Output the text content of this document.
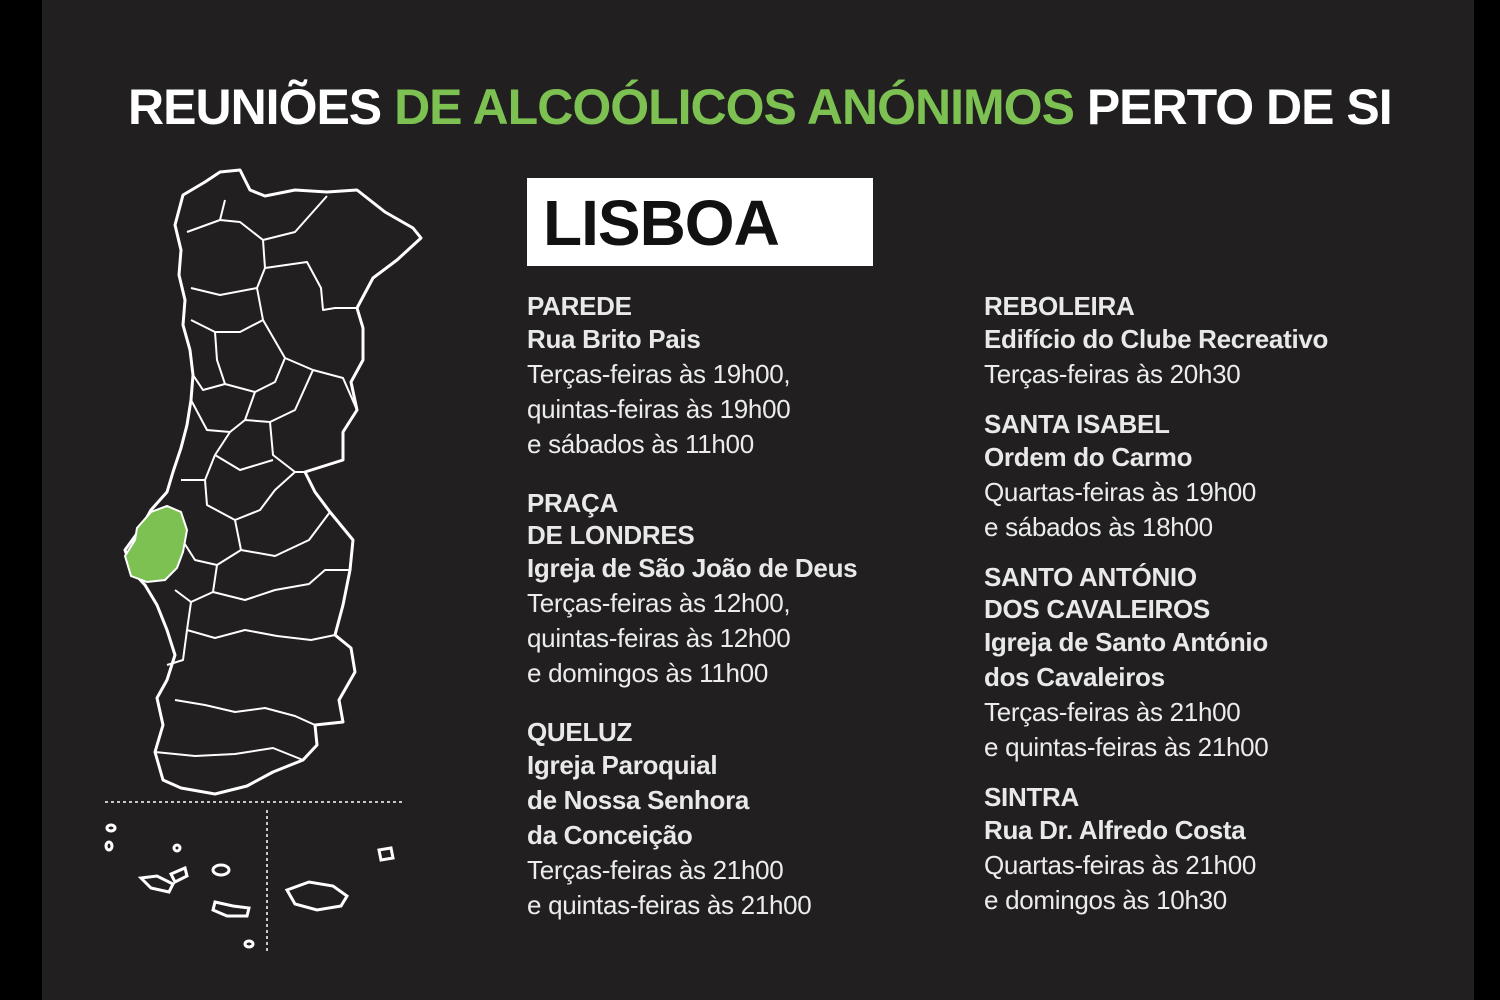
REUNIÕES DE ALCOÓLICOS ANÓNIMOS PERTO DE SI
LISBOA
PAREDE
Rua Brito Pais
Terças-feiras às 19h00,
quintas-feiras às 19h00
e sábados às 11h00
PRAÇA
DE LONDRES
Igreja de São João de Deus
Terças-feiras às 12h00,
quintas-feiras às 12h00
e domingos às 11h00
QUELUZ
Igreja Paroquial
de Nossa Senhora
da Conceição
Terças-feiras às 21h00
e quintas-feiras às 21h00
REBOLEIRA
Edifício do Clube Recreativo
Terças-feiras às 20h30
SANTA ISABEL
Ordem do Carmo
Quartas-feiras às 19h00
e sábados às 18h00
SANTO ANTÓNIO
DOS CAVALEIROS
Igreja de Santo António
dos Cavaleiros
Terças-feiras às 21h00
e quintas-feiras às 21h00
SINTRA
Rua Dr. Alfredo Costa
Quartas-feiras às 21h00
e domingos às 10h30
